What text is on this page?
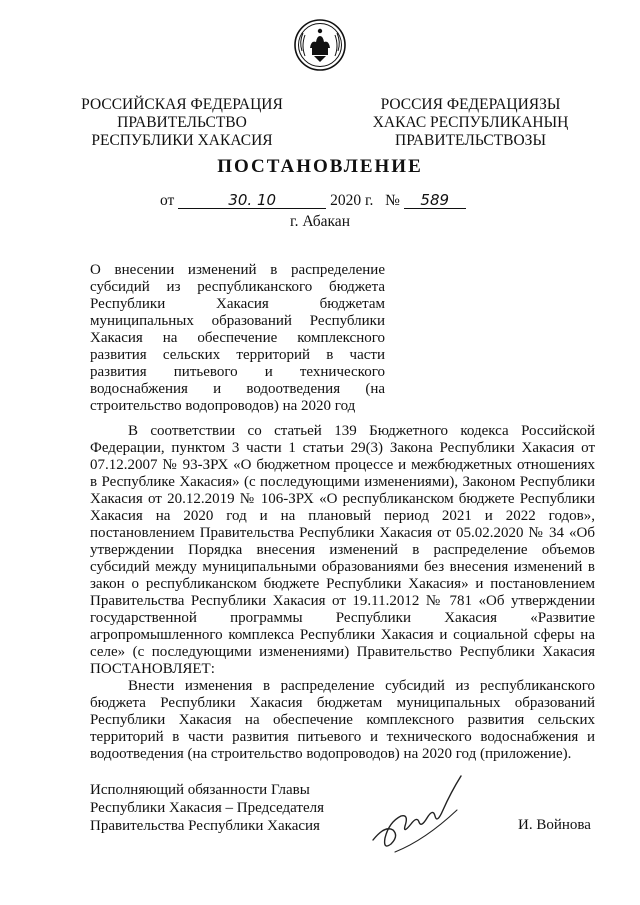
РОССИЙСКАЯ ФЕДЕРАЦИЯ
ПРАВИТЕЛЬСТВО
РЕСПУБЛИКИ ХАКАСИЯ
РОССИЯ ФЕДЕРАЦИЯЗЫ
ХАКАС РЕСПУБЛИКАНЫҢ
ПРАВИТЕЛЬСТВОЗЫ
ПОСТАНОВЛЕНИЕ
от	30. 10	2020 г. № 589
г. Абакан
О внесении изменений в распределение субсидий из республиканского бюджета Республики Хакасия бюджетам муниципальных образований Республики Хакасия на обеспечение комплексного развития сельских территорий в части развития питьевого и технического водоснабжения и водоотведения (на строительство водопроводов) на 2020 год

В соответствии со статьей 139 Бюджетного кодекса Российской Федерации, пунктом 3 части 1 статьи 29(3) Закона Республики Хакасия от 07.12.2007 № 93-ЗРХ «О бюджетном процессе и межбюджетных отношениях в Республике Хакасия» (с последующими изменениями), Законом Республики Хакасия от 20.12.2019 № 106-ЗРХ «О республиканском бюджете Республики Хакасия на 2020 год и на плановый период 2021 и 2022 годов», постановлением Правительства Республики Хакасия от 05.02.2020 № 34 «Об утверждении Порядка внесения изменений в распределение объемов субсидий между муниципальными образованиями без внесения изменений в закон о республиканском бюджете Республики Хакасия» и постановлением Правительства Республики Хакасия от 19.11.2012 № 781 «Об утверждении государственной программы Республики Хакасия «Развитие агропромышленного комплекса Республики Хакасия и социальной сферы на селе» (с последующими изменениями) Правительство Республики Хакасия ПОСТАНОВЛЯЕТ:

Внести изменения в распределение субсидий из республиканского бюджета Республики Хакасия бюджетам муниципальных образований Республики Хакасия на обеспечение комплексного развития сельских территорий в части развития питьевого и технического водоснабжения и водоотведения (на строительство водопроводов) на 2020 год (приложение).

Исполняющий обязанности Главы
Республики Хакасия – Председателя
Правительства Республики Хакасия	И. Войнова
